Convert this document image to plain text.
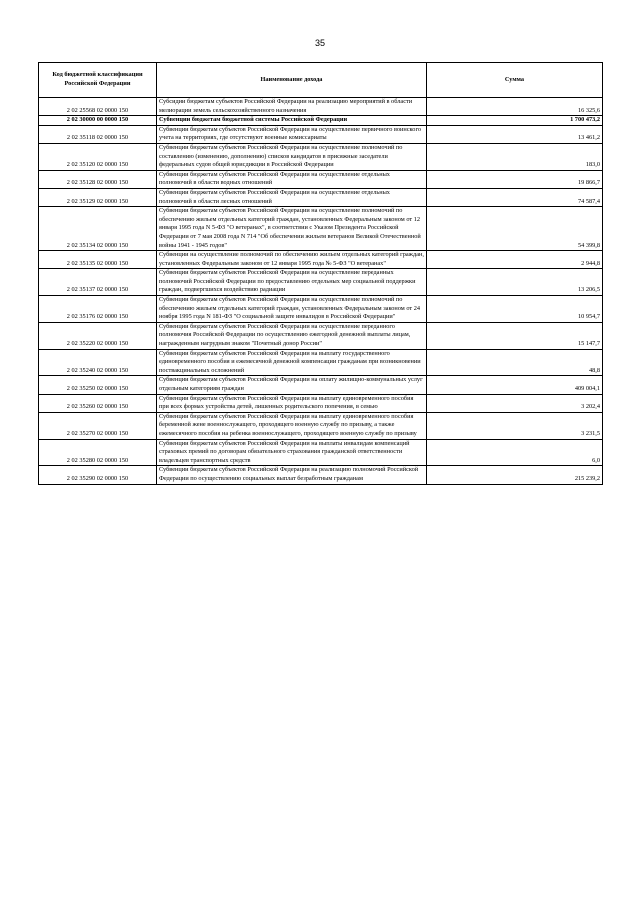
35
Код бюджетной классификации Российской Федерации	Наименование дохода	Сумма
2 02 25568 02 0000 150	Субсидии бюджетам субъектов Российской Федерации на реализацию мероприятий в области мелиорации земель сельскохозяйственного назначения	16 325,6
2 02 30000 00 0000 150	Субвенции бюджетам бюджетной системы Российской Федерации	1 700 473,2
2 02 35118 02 0000 150	Субвенции бюджетам субъектов Российской Федерации на осуществление первичного воинского учета на территориях, где отсутствуют военные комиссариаты	13 461,2
2 02 35120 02 0000 150	Субвенции бюджетам субъектов Российской Федерации на осуществление полномочий по составлению (изменению, дополнению) списков кандидатов в присяжные заседатели федеральных судов общей юрисдикции в Российской Федерации	183,0
2 02 35128 02 0000 150	Субвенции бюджетам субъектов Российской Федерации на осуществление отдельных полномочий в области водных отношений	19 866,7
2 02 35129 02 0000 150	Субвенции бюджетам субъектов Российской Федерации на осуществление отдельных полномочий в области лесных отношений	74 587,4
2 02 35134 02 0000 150	Субвенции бюджетам субъектов Российской Федерации на осуществление полномочий по обеспечению жильем отдельных категорий граждан, установленных Федеральным законом от 12 января 1995 года N 5-ФЗ "О ветеранах", в соответствии с Указом Президента Российской Федерации от 7 мая 2008 года N 714 "Об обеспечении жильем ветеранов Великой Отечественной войны 1941 - 1945 годов"	54 399,8
2 02 35135 02 0000 150	Субвенции на осуществление полномочий по обеспечению жильем отдельных категорий граждан, установленных Федеральным законом от 12 января 1995 года № 5-ФЗ "О ветеранах"	2 944,8
2 02 35137 02 0000 150	Субвенции бюджетам субъектов Российской Федерации на осуществление переданных полномочий Российской Федерации по предоставлению отдельных мер социальной поддержки граждан, подвергшихся воздействию радиации	13 206,5
2 02 35176 02 0000 150	Субвенции бюджетам субъектов Российской Федерации на осуществление полномочий по обеспечению жильем отдельных категорий граждан, установленных Федеральным законом от 24 ноября 1995 года N 181-ФЗ "О социальной защите инвалидов в Российской Федерации"	10 954,7
2 02 35220 02 0000 150	Субвенции бюджетам субъектов Российской Федерации на осуществление переданного полномочия Российской Федерации по осуществлению ежегодной денежной выплаты лицам, награжденным нагрудным знаком "Почетный донор России"	15 147,7
2 02 35240 02 0000 150	Субвенции бюджетам субъектов Российской Федерации на выплату государственного единовременного пособия и ежемесячной денежной компенсации гражданам при возникновении поствакцинальных осложнений	48,8
2 02 35250 02 0000 150	Субвенции бюджетам субъектов Российской Федерации на оплату жилищно-коммунальных услуг отдельным категориям граждан	409 004,1
2 02 35260 02 0000 150	Субвенции бюджетам субъектов Российской Федерации на выплату единовременного пособия при всех формах устройства детей, лишенных родительского попечения, в семью	3 202,4
2 02 35270 02 0000 150	Субвенции бюджетам субъектов Российской Федерации на выплату единовременного пособия беременной жене военнослужащего, проходящего военную службу по призыву, а также ежемесячного пособия на ребенка военнослужащего, проходящего военную службу по призыву	3 231,5
2 02 35280 02 0000 150	Субвенции бюджетам субъектов Российской Федерации на выплаты инвалидам компенсаций страховых премий по договорам обязательного страхования гражданской ответственности владельцев транспортных средств	6,0
2 02 35290 02 0000 150	Субвенции бюджетам субъектов Российской Федерации на реализацию полномочий Российской Федерации по осуществлению социальных выплат безработным гражданам	215 239,2
